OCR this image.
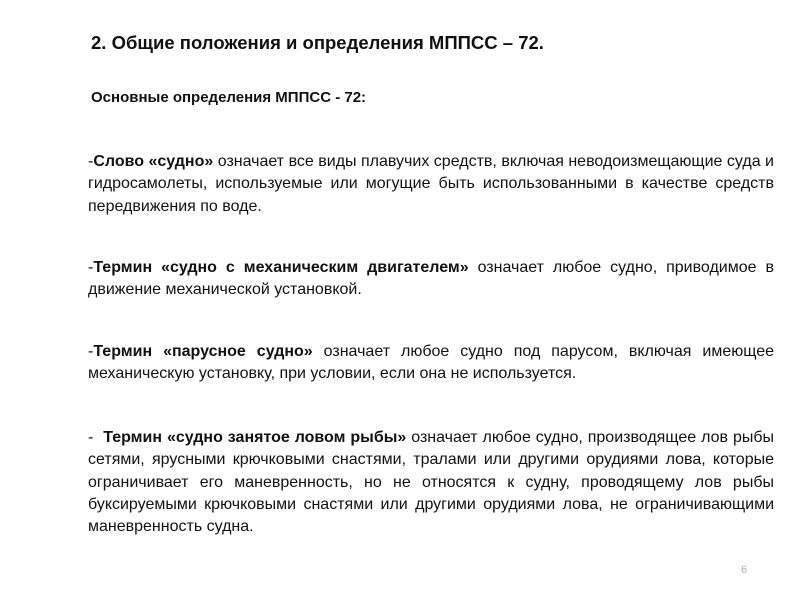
2. Общие положения и определения МППСС – 72.
Основные определения МППСС - 72:

-Слово «судно» означает все виды плавучих средств, включая неводоизмещающие суда и гидросамолеты, используемые или могущие быть использованными в качестве средств передвижения по воде.

-Термин «судно с механическим двигателем» означает любое судно, приводимое в движение механической установкой.

-Термин «парусное судно» означает любое судно под парусом, включая имеющее механическую установку, при условии, если она не используется.

-  Термин «судно занятое ловом рыбы» означает любое судно, производящее лов рыбы сетями, ярусными крючковыми снастями, тралами или другими орудиями лова, которые ограничивает его маневренность, но не относятся к судну, проводящему лов рыбы буксируемыми крючковыми снастями или другими орудиями лова, не ограничивающими маневренность судна.

6
